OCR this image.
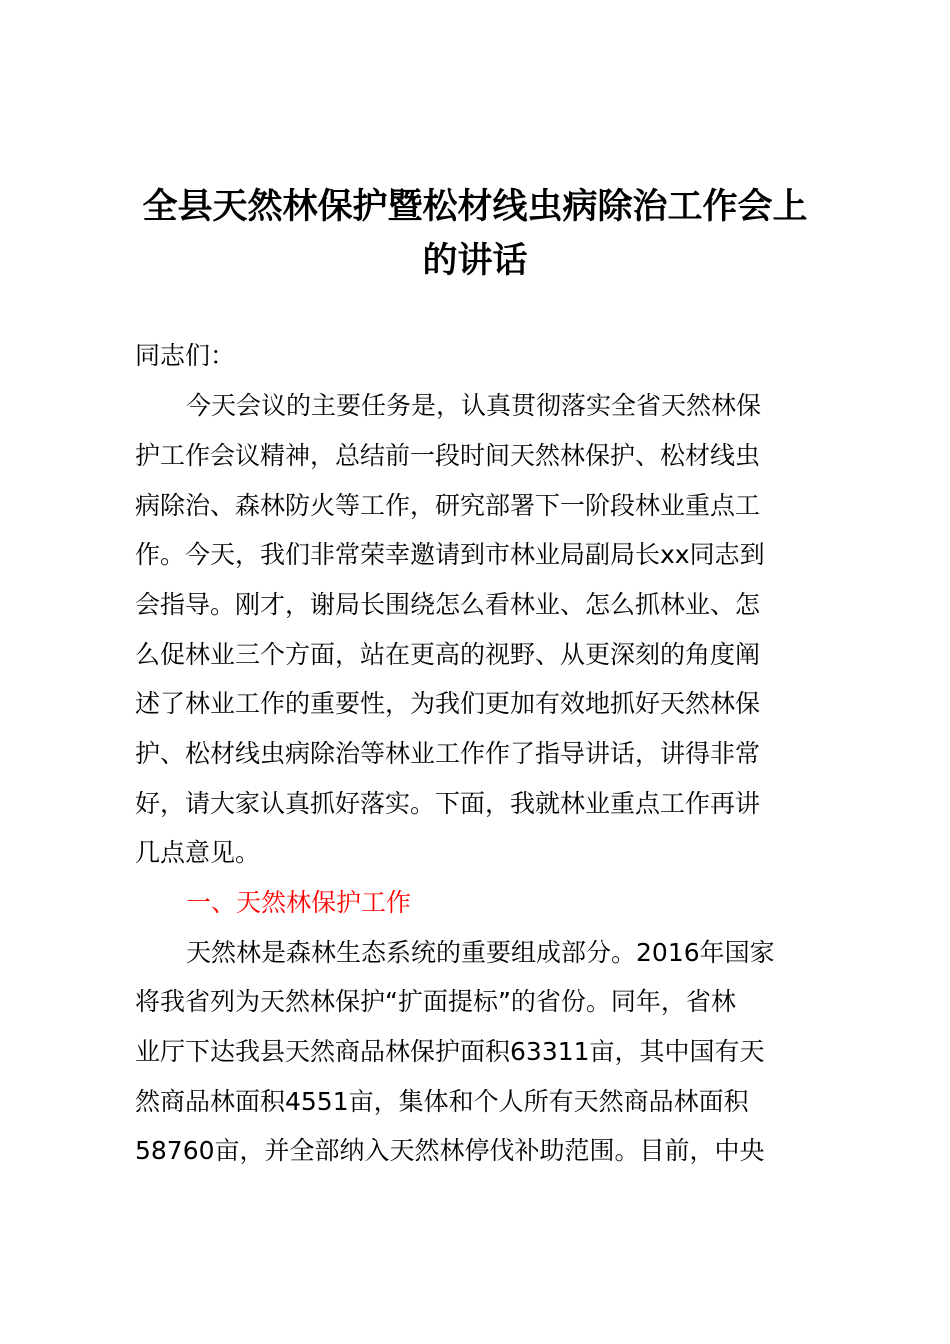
全县天然林保护暨松材线虫病除治工作会上
的讲话

同志们：

今天会议的主要任务是，认真贯彻落实全省天然林保

护工作会议精神，总结前一段时间天然林保护、松材线虫

病除治、森林防火等工作，研究部署下一阶段林业重点工

作。今天，我们非常荣幸邀请到市林业局副局长xx同志到

会指导。刚才，谢局长围绕怎么看林业、怎么抓林业、怎

么促林业三个方面，站在更高的视野、从更深刻的角度阐

述了林业工作的重要性，为我们更加有效地抓好天然林保

护、松材线虫病除治等林业工作作了指导讲话，讲得非常

好，请大家认真抓好落实。下面，我就林业重点工作再讲

几点意见。

一、天然林保护工作

天然林是森林生态系统的重要组成部分。2016年国家

将我省列为天然林保护“扩面提标”的省份。同年，省林

业厅下达我县天然商品林保护面积63311亩，其中国有天

然商品林面积4551亩，集体和个人所有天然商品林面积

58760亩，并全部纳入天然林停伐补助范围。目前，中央
